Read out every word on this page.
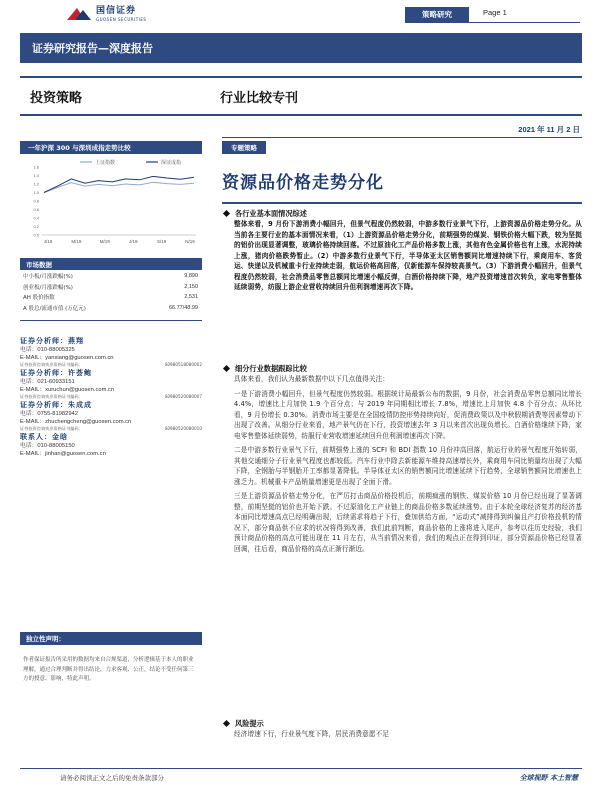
国信证券
GUOSEN SECURITIES	策略研究	Page 1
证券研究报告—深度报告
投资策略	行业比较专刊
2021 年 11 月 2 日
一年沪深 300 与深圳成指走势比较
上证指数	深证成指
0.0
0.2
0.4
0.6
0.8
1.0
1.2
1.4
1.6
J/19	M/19	M/19	J/19	S/19	N/19
市场数据
中小板/月涨跌幅(%)	9,890
创业板/月涨跌幅(%)	2,150
AH 股价指数	2,531
A 股总/流通市值 (万亿元)	66.77/48.99
证券分析师：燕翔
电话：010-88005325
E-MAIL：yanxiang@guosen.com.cn
证券投资咨询执业资格证书编码：	S0980518080002
证券分析师：许荟鲍
电话：021-60933151
E-MAIL：xuruchun@guosen.com.cn
证券投资咨询执业资格证书编码：	S0980520080007
证券分析师：朱成成
电话：0755-81982942
E-MAIL：zhuchengcheng@guosen.com.cn
证券投资咨询执业资格证书编码：	S0980520080010
联系人：金晗
电话：010-88005150
E-MAIL：jinhan@guosen.com.cn
独立性声明：
作者保证报告所采用的数据均来自合规渠道，分析逻辑基于本人的职业理解，通过合理判断并得出结论，力求客观、公正，结论不受任何第三方的授意、影响，特此声明。
专题策略
资源品价格走势分化
各行业基本面情况综述
整体来看，9 月份下游消费小幅回升，但景气程度仍然较弱，中游多数行业景气下行，上游资源品价格走势分化。从当前各主要行业的基本面情况来看，（1）上游资源品价格走势分化，前期强势的煤炭、钢铁价格大幅下跌，较为坚挺的铝价出现显著调整，玻璃价格持续回落。不过原油化工产品价格多数上涨，其他有色金属价格也有上涨，水泥持续上涨，猪肉价格跌势暂止。（2）中游多数行业景气下行，半导体亚太区销售额同比增速持续下行，乘商用车、客货运、快递以及机械重卡行业持续走弱，航运价格高回落，仅新能源车保持较高景气。（3）下游消费小幅回升，但景气程度仍然较弱，社会消费品零售总额同比增速小幅反弹，白酒价格持续下降，地产投资增速首次转负，家电零售整体延续弱势，纺服上游企业营收持续回升但利润增速再次下降。
细分行业数据跟踪比较
具体来看，我们认为最新数据中以下几点值得关注：
一是下游消费小幅回升，但景气程度仍然较弱。根据统计局最新公布的数据，9 月份，社会消费品零售总额同比增长 4.4%，增速比上月加快 1.9 个百分点；与 2019 年同期相比增长 7.8%，增速比上月加快 4.8 个百分点；从环比看，9 月份增长 0.30%。消费市场主要是在全国疫情防控形势持续向好，促消费政策以及中秋假期消费等因素带动下出现了改善。从细分行业来看，地产景气仍在下行，投资增速去年 3 月以来首次出现负增长。白酒价格继续下降，家电零售整体延续弱势，纺服行业营收增速延续回升但利润增速再次下降。
二是中游多数行业景气下行，前期强势上涨的 SCFI 和 BDI 指数 10 月份冲高回落，航运行业的景气程度开始转弱，其他交通细分子行业景气程度也都较低。汽车行业中除去新能源车维持高速增长外，乘商用车同比销量均出现了大幅下降，全钢胎与半钢胎开工率都显著降低。半导体亚太区的销售额同比增速延续下行趋势，全球销售额同比增速也上涨乏力。机械重卡产品销量增速更是出现了全面下滑。
三是上游资源品价格走势分化，在严厉打击商品价格投机后，前期疯涨的钢铁、煤炭价格 10 月份已经出现了显著调整，前期坚挺的铝价也开始下跌。不过原油化工产业链上的商品价格多数延续涨势。由于本轮全球经济复苏的经济基本面同比增速高点已经明确出现，后续需求将趋于下行，叠加供给方面，“运动式”减排得到纠偏且产打价格投机的情况下，部分商品供不应求的状况将得到改善，我们此前判断，商品价格的上涨将进入尾声，参考以往历史经验，我们预计商品价格的高点可能出现在 11 月左右，从当前情况来看，我们的观点正在得到印证，部分资源品价格已经显著回调，往后看，商品价格的高点正渐行渐近。
风险提示
经济增速下行，行业景气度下降，居民消费意愿不足
请务必阅读正文之后的免责条款部分	全球视野 本土智慧
